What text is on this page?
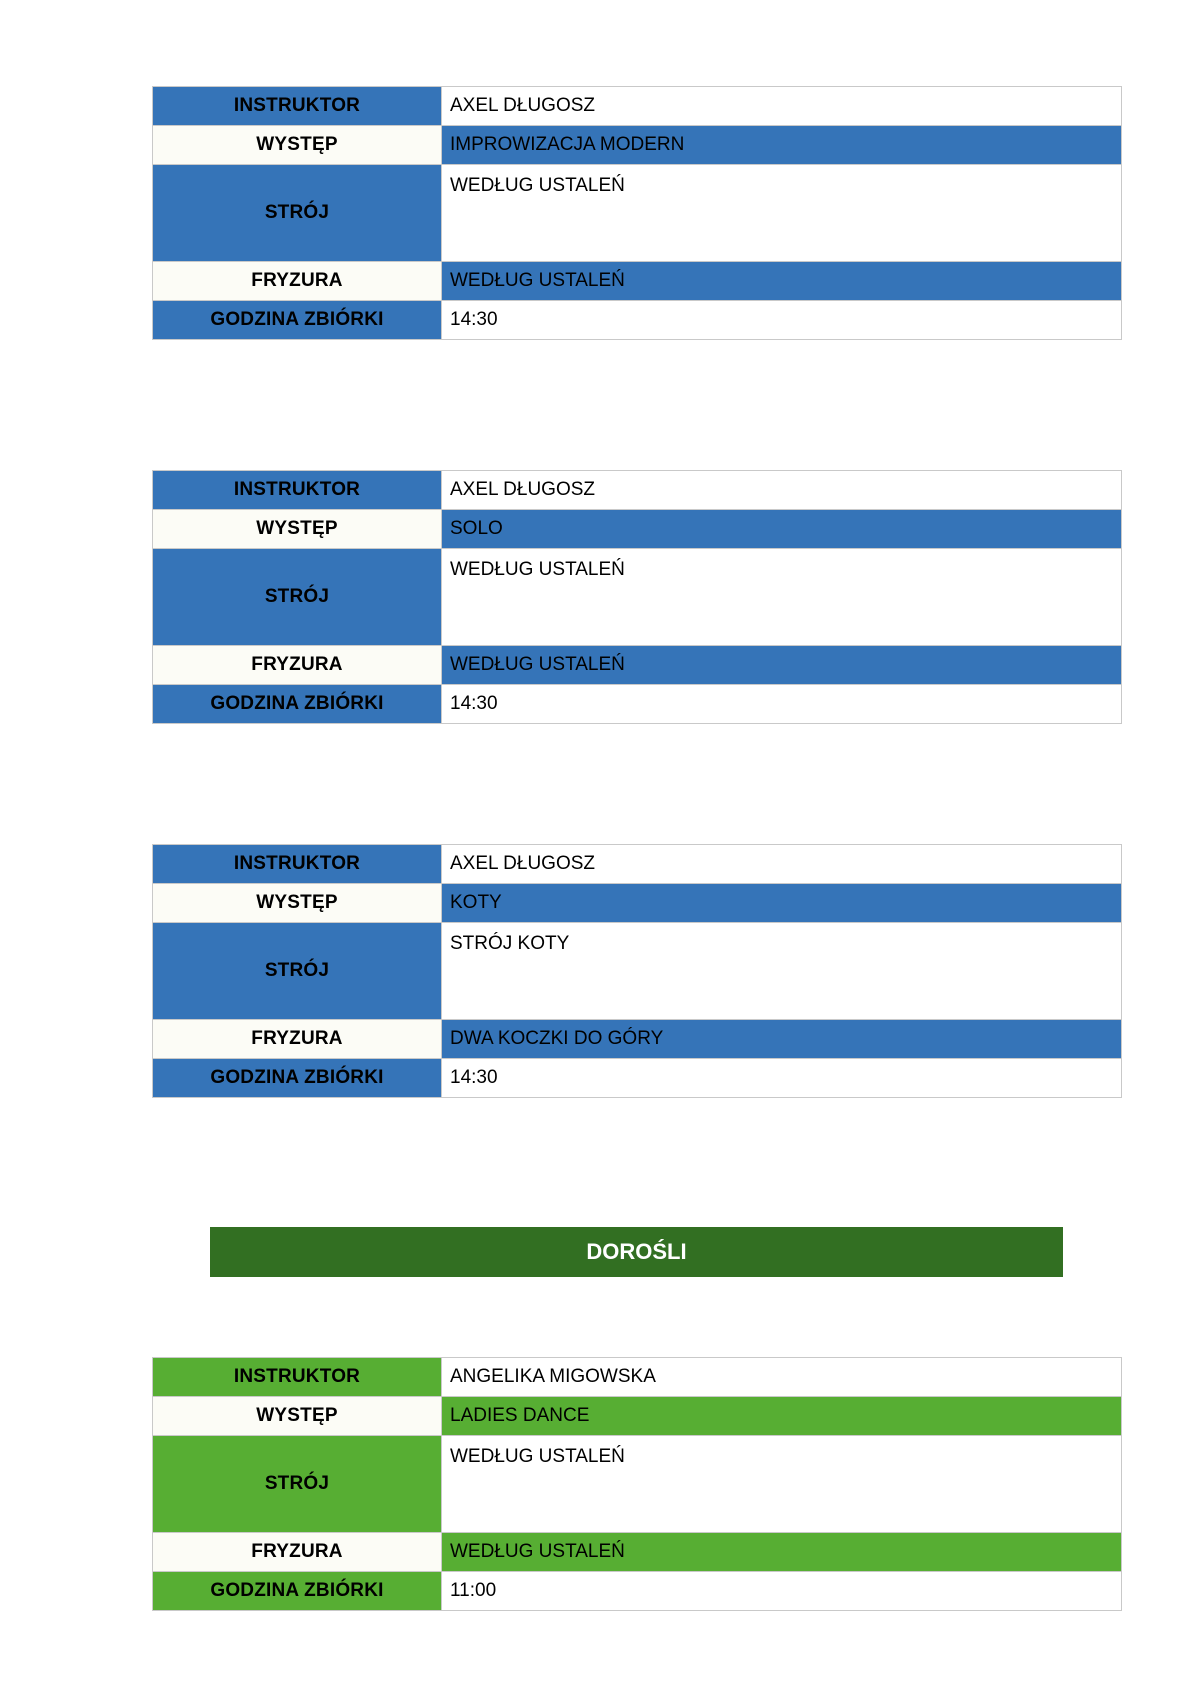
INSTRUKTOR	AXEL DŁUGOSZ
WYSTĘP	IMPROWIZACJA MODERN
STRÓJ	WEDŁUG USTALEŃ
FRYZURA	WEDŁUG USTALEŃ
GODZINA ZBIÓRKI	14:30
INSTRUKTOR	AXEL DŁUGOSZ
WYSTĘP	SOLO
STRÓJ	WEDŁUG USTALEŃ
FRYZURA	WEDŁUG USTALEŃ
GODZINA ZBIÓRKI	14:30
INSTRUKTOR	AXEL DŁUGOSZ
WYSTĘP	KOTY
STRÓJ	STRÓJ KOTY
FRYZURA	DWA KOCZKI DO GÓRY
GODZINA ZBIÓRKI	14:30
DOROŚLI
INSTRUKTOR	ANGELIKA MIGOWSKA
WYSTĘP	LADIES DANCE
STRÓJ	WEDŁUG USTALEŃ
FRYZURA	WEDŁUG USTALEŃ
GODZINA ZBIÓRKI	11:00
